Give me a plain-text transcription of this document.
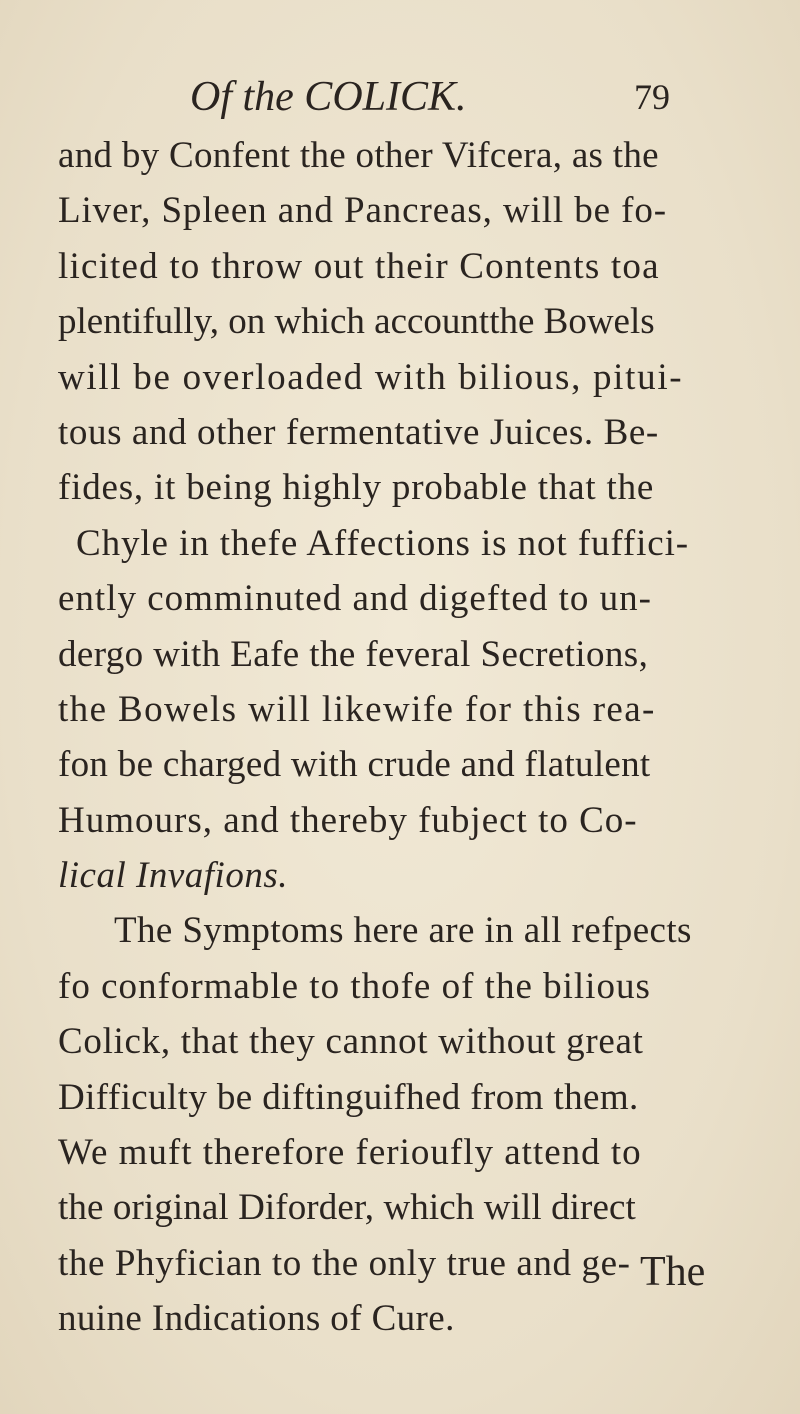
Of the COLICK.	79
and by Confent the other Vifcera, as the
Liver, Spleen and Pancreas, will be fo-
licited to throw out their Contents toa
plentifully, on which accountthe Bowels
will be overloaded with bilious, pitui-
tous and other fermentative Juices. Be-
fides, it being highly probable that the
Chyle in thefe Affections is not fuffici-
ently comminuted and digefted to un-
dergo with Eafe the feveral Secretions,
the Bowels will likewife for this rea-
fon be charged with crude and flatulent
Humours, and thereby fubject to Co-
lical Invafions.
The Symptoms here are in all refpects
fo conformable to thofe of the bilious
Colick, that they cannot without great
Difficulty be diftinguifhed from them.
We muft therefore ferioufly attend to
the original Diforder, which will direct
the Phyfician to the only true and ge-
nuine Indications of Cure.
The
